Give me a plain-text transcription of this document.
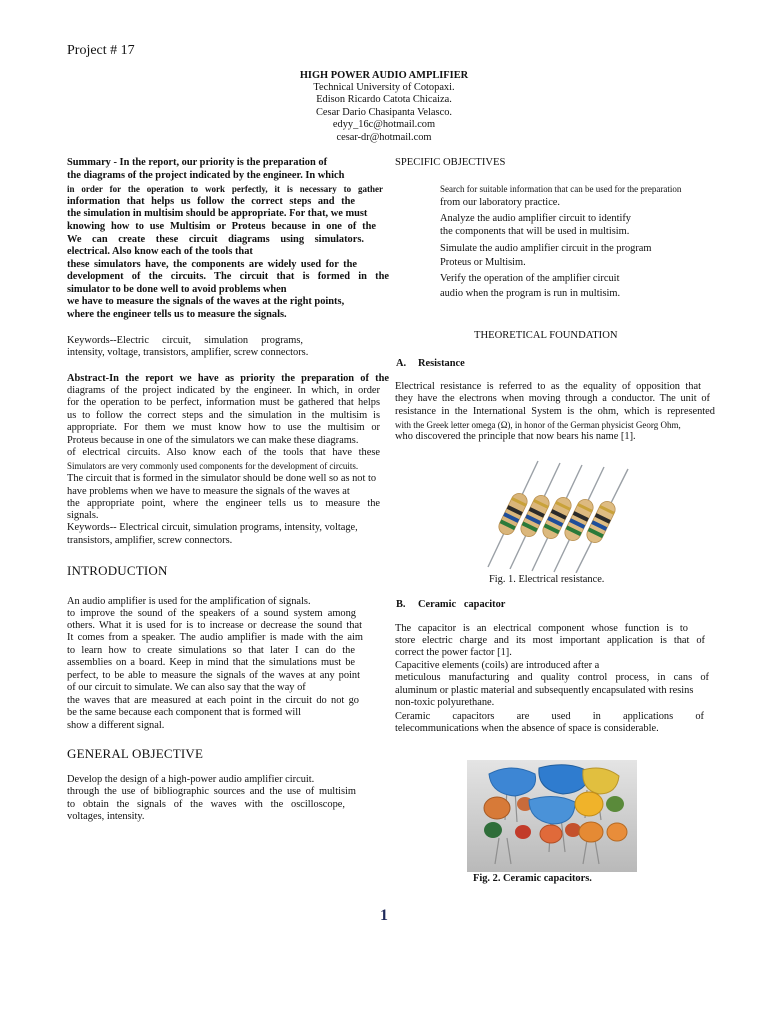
Project # 17
HIGH POWER AUDIO AMPLIFIER
Technical University of Cotopaxi.
Edison Ricardo Catota Chicaiza.
Cesar Dario Chasipanta Velasco.
edyy_16c@hotmail.com
cesar-dr@hotmail.com
Summary - In the report, our priority is the preparation of
the diagrams of the project indicated by the engineer. In which
in order for the operation to work perfectly, it is necessary to gather
information that helps us follow the correct steps and the
the simulation in multisim should be appropriate. For that, we must
knowing how to use Multisim or Proteus because in one of the
We can create these circuit diagrams using simulators.
electrical. Also know each of the tools that
these simulators have, the components are widely used for the
development of the circuits. The circuit that is formed in the
simulator to be done well to avoid problems when
we have to measure the signals of the waves at the right points,
where the engineer tells us to measure the signals.
Keywords--Electric circuit, simulation programs,
intensity, voltage, transistors, amplifier, screw connectors.
Abstract-In the report we have as priority the preparation of the
diagrams of the project indicated by the engineer. In which, in order
for the operation to be perfect, information must be gathered that helps
us to follow the correct steps and the simulation in the multisim is
appropriate. For them we must know how to use the multisim or
Proteus because in one of the simulators we can make these diagrams.
of electrical circuits. Also know each of the tools that have these
Simulators are very commonly used components for the development of circuits.
The circuit that is formed in the simulator should be done well so as not to
have problems when we have to measure the signals of the waves at
the appropriate point, where the engineer tells us to measure the
signals.
Keywords-- Electrical circuit, simulation programs, intensity, voltage,
transistors, amplifier, screw connectors.
INTRODUCTION
An audio amplifier is used for the amplification of signals.
to improve the sound of the speakers of a sound system among
others. What it is used for is to increase or decrease the sound that
It comes from a speaker. The audio amplifier is made with the aim
to learn how to create simulations so that later I can do the
assemblies on a board. Keep in mind that the simulations must be
perfect, to be able to measure the signals of the waves at any point
of our circuit to simulate. We can also say that the way of
the waves that are measured at each point in the circuit do not go
be the same because each component that is formed will
show a different signal.
GENERAL OBJECTIVE
Develop the design of a high-power audio amplifier circuit.
through the use of bibliographic sources and the use of multisim
to obtain the signals of the waves with the oscilloscope,
voltages, intensity.
SPECIFIC OBJECTIVES
Search for suitable information that can be used for the preparation
from our laboratory practice.
Analyze the audio amplifier circuit to identify
the components that will be used in multisim.
Simulate the audio amplifier circuit in the program
Proteus or Multisim.
Verify the operation of the amplifier circuit
audio when the program is run in multisim.
THEORETICAL FOUNDATION
A. Resistance
Electrical resistance is referred to as the equality of opposition that
they have the electrons when moving through a conductor. The unit of
resistance in the International System is the ohm, which is represented
with the Greek letter omega (Ω), in honor of the German physicist Georg Ohm,
who discovered the principle that now bears his name [1].
Fig. 1. Electrical resistance.
B. Ceramic   capacitor
The capacitor is an electrical component whose function is to
store electric charge and its most important application is that of
correct the power factor [1].
Capacitive elements (coils) are introduced after a
meticulous manufacturing and quality control process, in cans of
aluminum or plastic material and subsequently encapsulated with resins
non-toxic polyurethane.
Ceramic    capacitors    are    used    in    applications    of
telecommunications when the absence of space is considerable.
Fig. 2. Ceramic capacitors.
1
